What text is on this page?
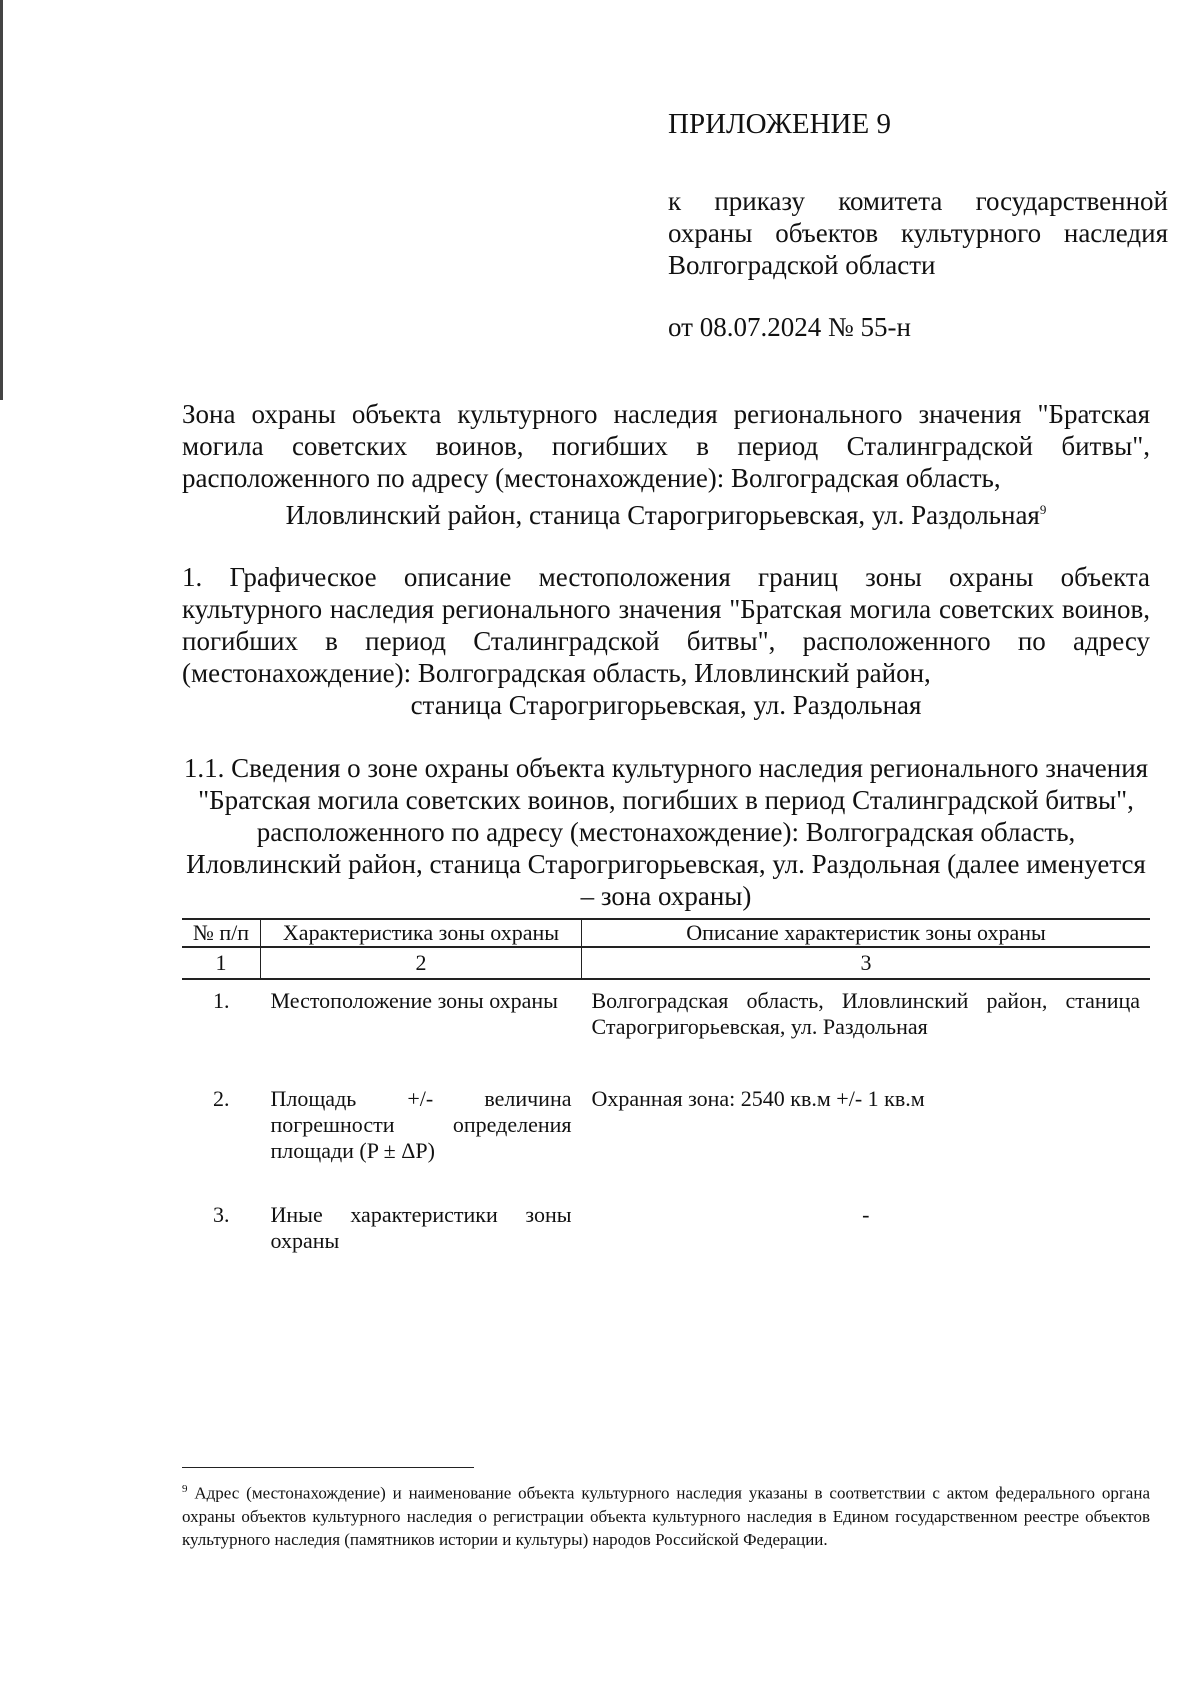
ПРИЛОЖЕНИЕ 9

к приказу комитета государственной охраны объектов культурного наследия Волгоградской области
от 08.07.2024 № 55-н
Зона охраны объекта культурного наследия регионального значения "Братская могила советских воинов, погибших в период Сталинградской битвы", расположенного по адресу (местонахождение): Волгоградская область,
Иловлинский район, станица Старогригорьевская, ул. Раздольная$^9$
1. Графическое описание местоположения границ зоны охраны объекта культурного наследия регионального значения "Братская могила советских воинов, погибших в период Сталинградской битвы", расположенного по адресу (местонахождение): Волгоградская область, Иловлинский район,
станица Старогригорьевская, ул. Раздольная
1.1. Сведения о зоне охраны объекта культурного наследия регионального значения "Братская могила советских воинов, погибших в период Сталинградской битвы", расположенного по адресу (местонахождение): Волгоградская область, Иловлинский район, станица Старогригорьевская, ул. Раздольная (далее именуется – зона охраны)
№ п/п	Характеристика зоны охраны	Описание характеристик зоны охраны
1	2	3
1.	Местоположение зоны охраны	Волгоградская область, Иловлинский район, станица Старогригорьевская, ул. Раздольная
2.	Площадь +/- величина погрешности определения площади (P ± ΔP)	Охранная зона: 2540 кв.м +/- 1 кв.м
3.	Иные характеристики зоны охраны	-
$^9$ Адрес (местонахождение) и наименование объекта культурного наследия указаны в соответствии с актом федерального органа охраны объектов культурного наследия о регистрации объекта культурного наследия в Едином государственном реестре объектов культурного наследия (памятников истории и культуры) народов Российской Федерации.
